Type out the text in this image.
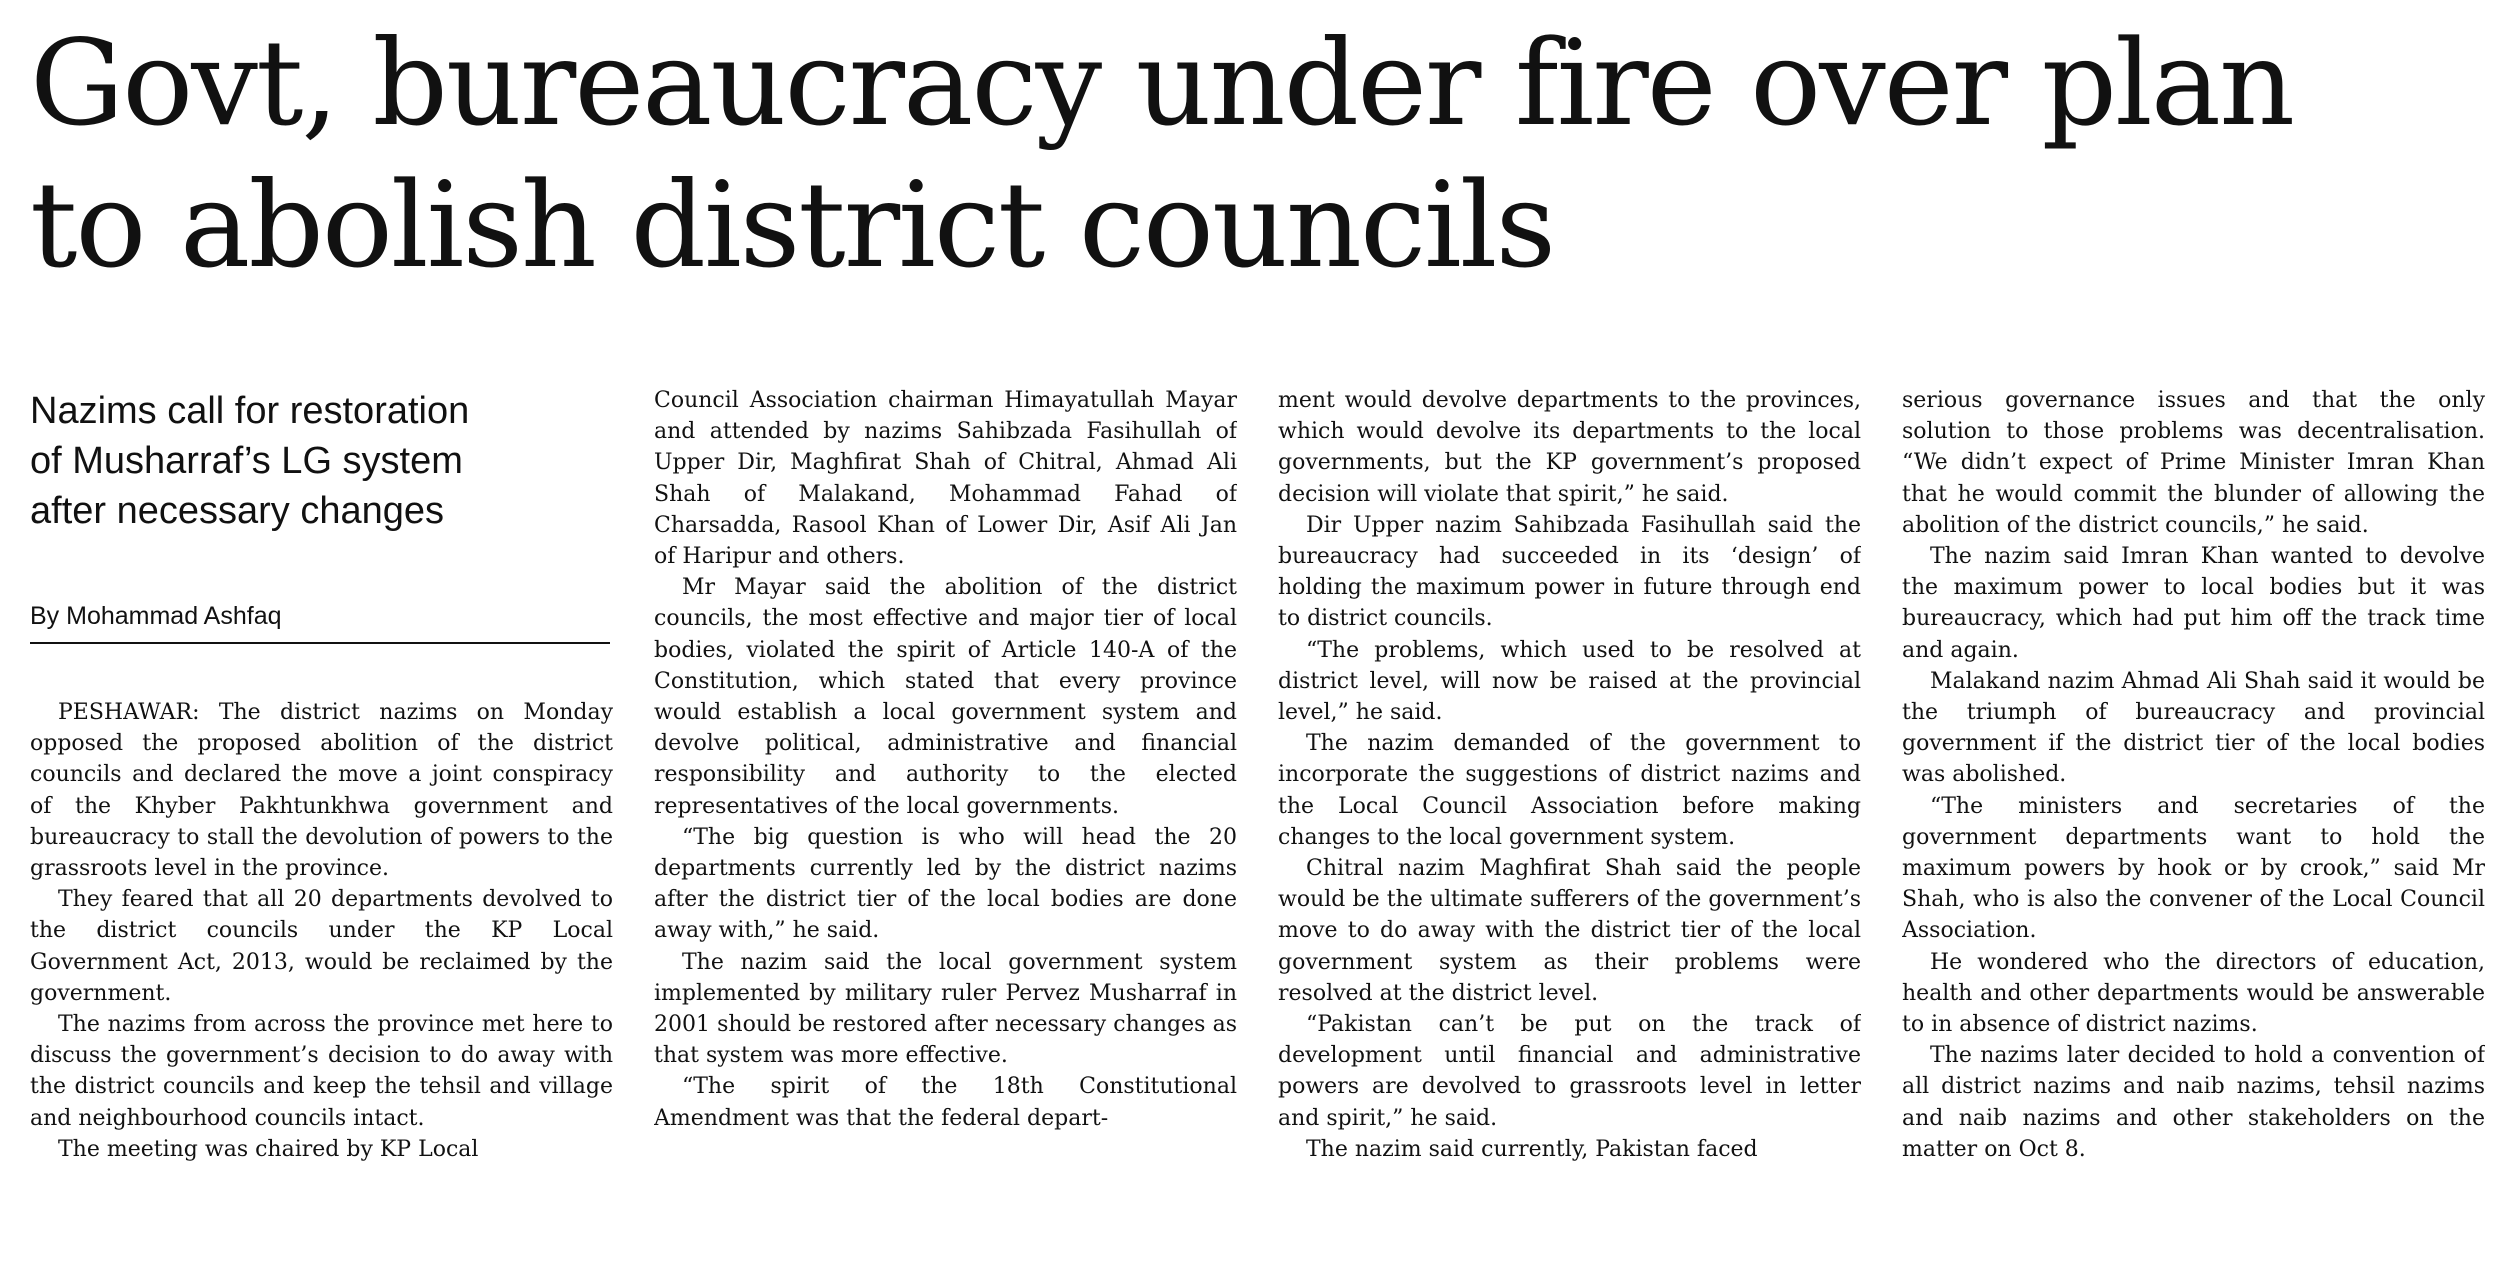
Govt, bureaucracy under fire over plan
to abolish district councils
Nazims call for restoration
of Musharraf’s LG system
after necessary changes
By Mohammad Ashfaq

PESHAWAR: The district nazims on Monday opposed the proposed abolition of the district councils and declared the move a joint conspiracy of the Khyber Pakhtunkhwa government and bureaucracy to stall the devolution of powers to the grassroots level in the province.

They feared that all 20 departments devolved to the district councils under the KP Local Government Act, 2013, would be reclaimed by the government.

The nazims from across the province met here to discuss the government’s decision to do away with the district councils and keep the tehsil and village and neighbourhood councils intact.

The meeting was chaired by KP Local

Council Association chairman Himayatullah Mayar and attended by nazims Sahibzada Fasihullah of Upper Dir, Maghfirat Shah of Chitral, Ahmad Ali Shah of Malakand, Mohammad Fahad of Charsadda, Rasool Khan of Lower Dir, Asif Ali Jan of Haripur and others.

Mr Mayar said the abolition of the district councils, the most effective and major tier of local bodies, violated the spirit of Article 140-A of the Constitution, which stated that every province would establish a local government system and devolve political, administrative and financial responsibility and authority to the elected representatives of the local governments.

“The big question is who will head the 20 departments currently led by the district nazims after the district tier of the local bodies are done away with,” he said.

The nazim said the local government system implemented by military ruler Pervez Musharraf in 2001 should be restored after necessary changes as that system was more effective.

“The spirit of the 18th Constitutional Amendment was that the federal depart-

ment would devolve departments to the provinces, which would devolve its departments to the local governments, but the KP government’s proposed decision will violate that spirit,” he said.

Dir Upper nazim Sahibzada Fasihullah said the bureaucracy had succeeded in its ‘design’ of holding the maximum power in future through end to district councils.

“The problems, which used to be resolved at district level, will now be raised at the provincial level,” he said.

The nazim demanded of the government to incorporate the suggestions of district nazims and the Local Council Association before making changes to the local government system.

Chitral nazim Maghfirat Shah said the people would be the ultimate sufferers of the government’s move to do away with the district tier of the local government system as their problems were resolved at the district level.

“Pakistan can’t be put on the track of development until financial and administrative powers are devolved to grassroots level in letter and spirit,” he said.

The nazim said currently, Pakistan faced

serious governance issues and that the only solution to those problems was decentralisation. “We didn’t expect of Prime Minister Imran Khan that he would commit the blunder of allowing the abolition of the district councils,” he said.

The nazim said Imran Khan wanted to devolve the maximum power to local bodies but it was bureaucracy, which had put him off the track time and again.

Malakand nazim Ahmad Ali Shah said it would be the triumph of bureaucracy and provincial government if the district tier of the local bodies was abolished.

“The ministers and secretaries of the government departments want to hold the maximum powers by hook or by crook,” said Mr Shah, who is also the convener of the Local Council Association.

He wondered who the directors of education, health and other departments would be answerable to in absence of district nazims.

The nazims later decided to hold a convention of all district nazims and naib nazims, tehsil nazims and naib nazims and other stakeholders on the matter on Oct 8.
